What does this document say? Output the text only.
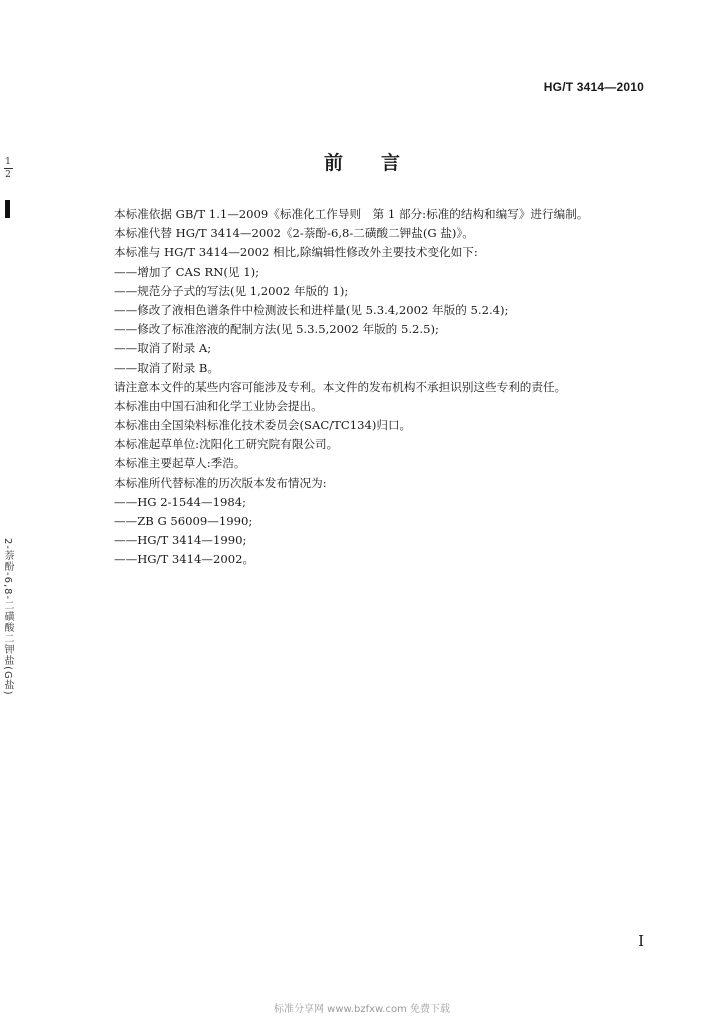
HG/T 3414—2010
1
2
前言
本标准依据 GB/T 1.1—2009《标准化工作导则　第 1 部分:标准的结构和编写》进行编制。
本标准代替 HG/T 3414—2002《2-萘酚-6,8-二磺酸二钾盐(G 盐)》。
本标准与 HG/T 3414—2002 相比,除编辑性修改外主要技术变化如下:
——增加了 CAS RN(见 1);
——规范分子式的写法(见 1,2002 年版的 1);
——修改了液相色谱条件中检测波长和进样量(见 5.3.4,2002 年版的 5.2.4);
——修改了标准溶液的配制方法(见 5.3.5,2002 年版的 5.2.5);
——取消了附录 A;
——取消了附录 B。
请注意本文件的某些内容可能涉及专利。本文件的发布机构不承担识别这些专利的责任。
本标准由中国石油和化学工业协会提出。
本标准由全国染料标准化技术委员会(SAC/TC134)归口。
本标准起草单位:沈阳化工研究院有限公司。
本标准主要起草人:季浩。
本标准所代替标准的历次版本发布情况为:
——HG 2-1544—1984;
——ZB G 56009—1990;
——HG/T 3414—1990;
——HG/T 3414—2002。
2-萘酚-6,8-二磺酸二钾盐(G盐)
I
标准分享网 www.bzfxw.com 免费下载
